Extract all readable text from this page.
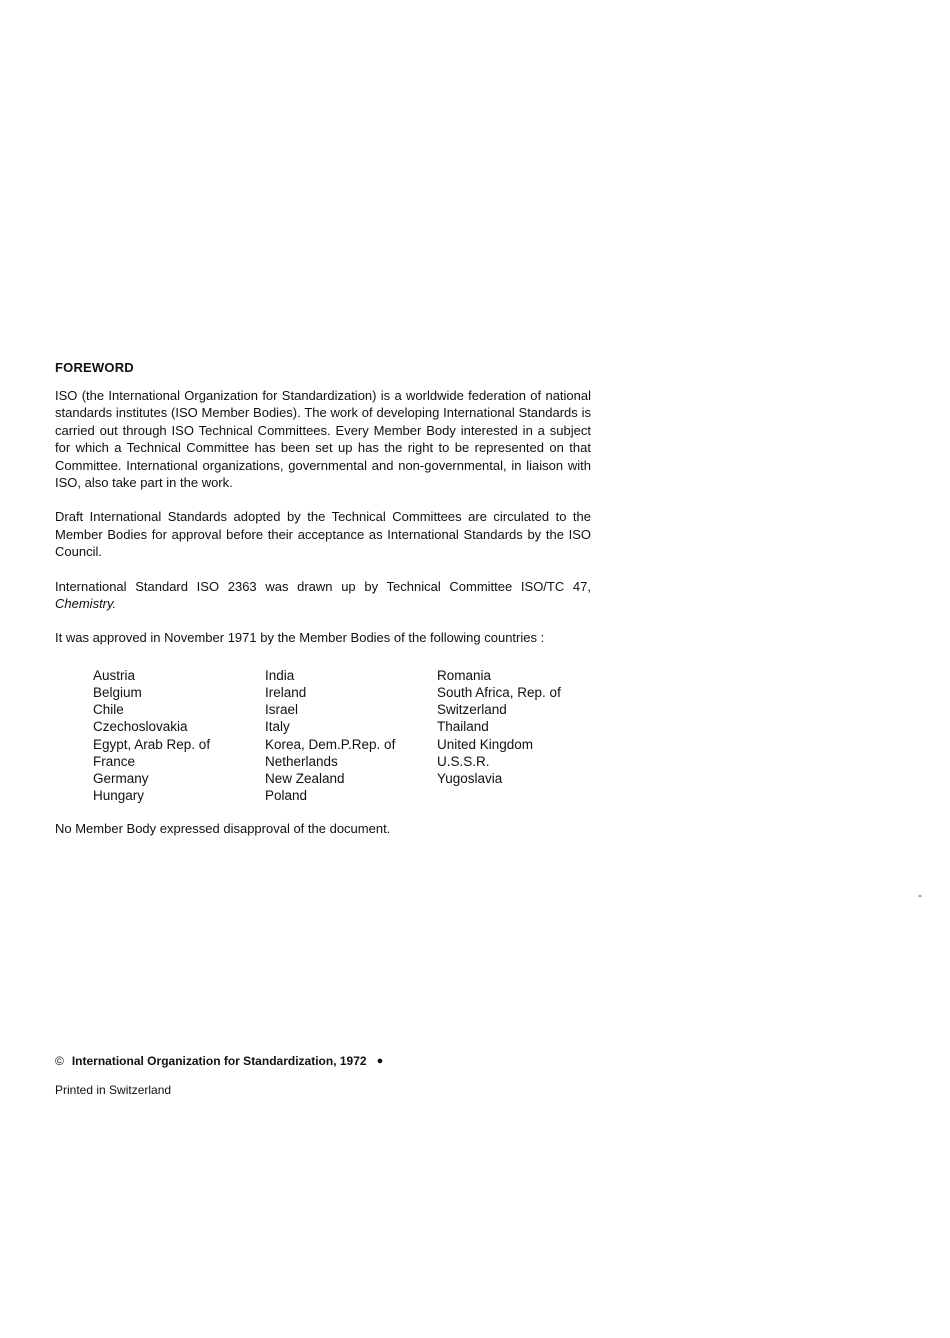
FOREWORD

ISO (the International Organization for Standardization) is a worldwide federation of national standards institutes (ISO Member Bodies). The work of developing International Standards is carried out through ISO Technical Committees. Every Member Body interested in a subject for which a Technical Committee has been set up has the right to be represented on that Committee. International organizations, governmental and non-governmental, in liaison with ISO, also take part in the work.

Draft International Standards adopted by the Technical Committees are circulated to the Member Bodies for approval before their acceptance as International Standards by the ISO Council.

International Standard ISO 2363 was drawn up by Technical Committee ISO/TC 47, Chemistry.

It was approved in November 1971 by the Member Bodies of the following countries :

Austria
Belgium
Chile
Czechoslovakia
Egypt, Arab Rep. of
France
Germany
Hungary
India
Ireland
Israel
Italy
Korea, Dem.P.Rep. of
Netherlands
New Zealand
Poland
Romania
South Africa, Rep. of
Switzerland
Thailand
United Kingdom
U.S.S.R.
Yugoslavia
No Member Body expressed disapproval of the document.
-
© International Organization for Standardization, 1972 ●
Printed in Switzerland
